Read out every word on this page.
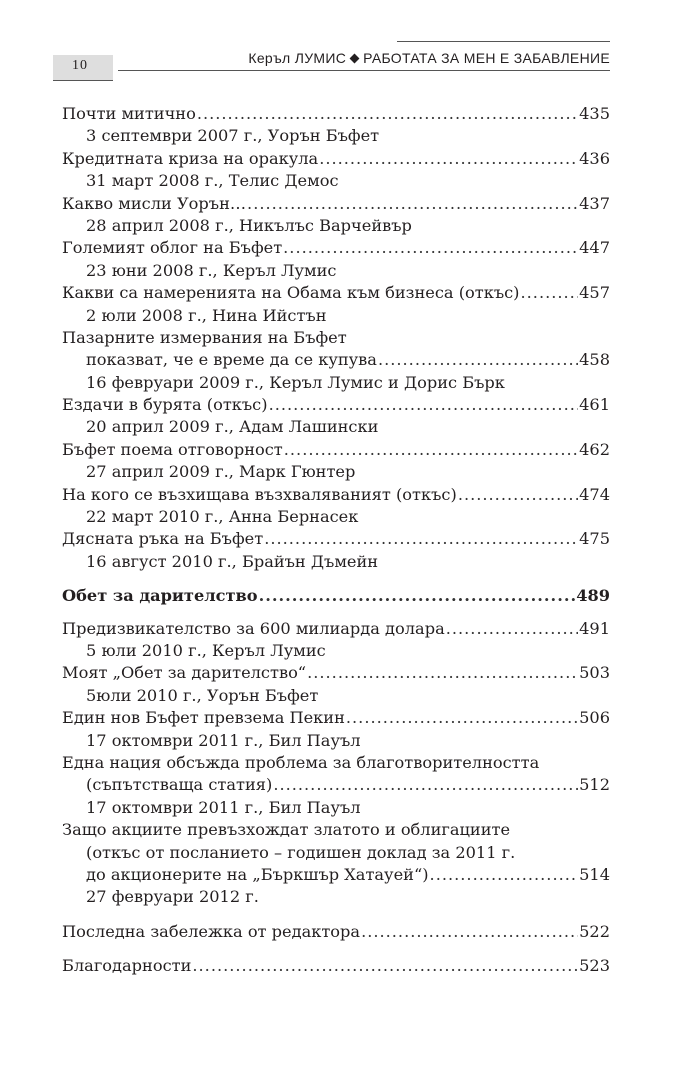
10	Керъл ЛУМИС РАБОТАТА ЗА МЕН Е ЗАБАВЛЕНИЕ
Почти митично .....	435
3 септември 2007 г., Уорън Бъфет
Кредитната криза на оракула .....	436
31 март 2008 г., Телис Демос
Какво мисли Уорън… .....	437
28 април 2008 г., Никълъс Варчейвър
Големият облог на Бъфет .....	447
23 юни 2008 г., Керъл Лумис
Какви са намеренията на Обама към бизнеса (откъс) .....	457
2 юли 2008 г., Нина Ийстън
Пазарните измервания на Бъфет
показват, че е време да се купува .....	458
16 февруари 2009 г., Керъл Лумис и Дорис Бърк
Ездачи в бурята (откъс) .....	461
20 април 2009 г., Адам Лашински
Бъфет поема отговорност .....	462
27 април 2009 г., Марк Гюнтер
На кого се възхищава възхваляваният (откъс) .....	474
22 март 2010 г., Анна Бернасек
Дясната ръка на Бъфет .....	475
16 август 2010 г., Брайън Дъмейн
Обет за дарителство .....	489
Предизвикателство за 600 милиарда долара .....	491
5 юли 2010 г., Керъл Лумис
Моят „Обет за дарителство“ .....	503
5юли 2010 г., Уорън Бъфет
Един нов Бъфет превзема Пекин .....	506
17 октомври 2011 г., Бил Пауъл
Една нация обсъжда проблема за благотворителността
(съпътстваща статия) .....	512
17 октомври 2011 г., Бил Пауъл
Защо акциите превъзхождат златото и облигациите
(откъс от посланието – годишен доклад за 2011 г.
до акционерите на „Бъркшър Хатауей“) .....	514
27 февруари 2012 г.
Последна забележка от редактора .....	522
Благодарности .....	523
